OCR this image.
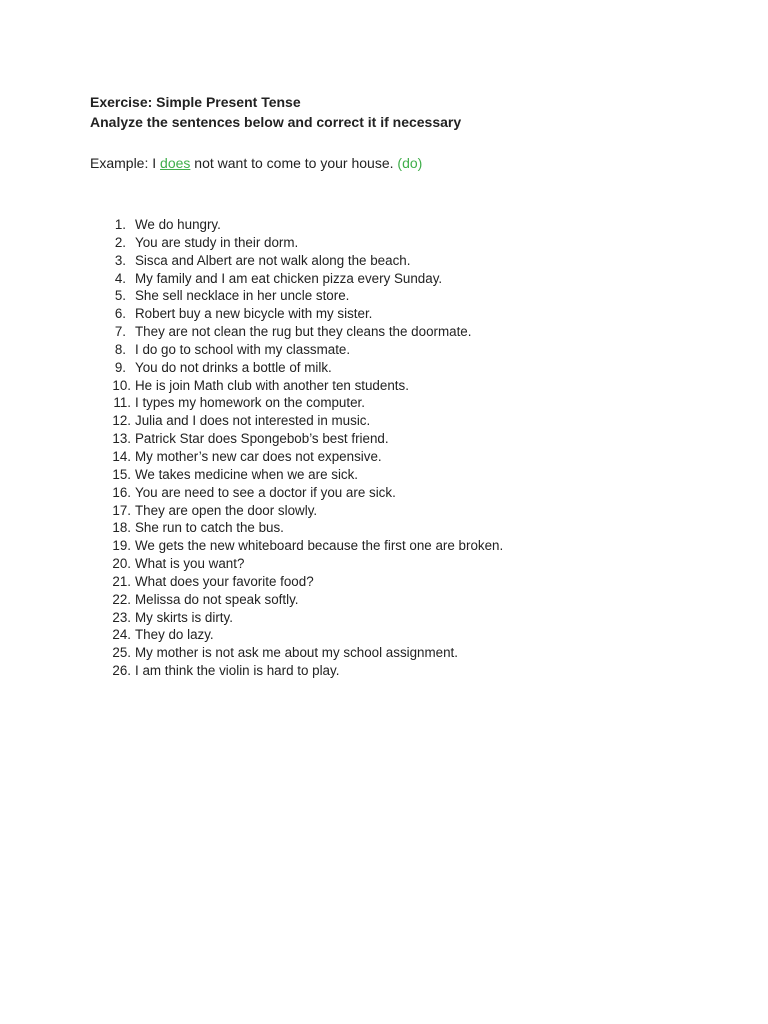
Exercise: Simple Present Tense
Analyze the sentences below and correct it if necessary
Example: I does not want to come to your house. (do)
1. We do hungry.
2. You are study in their dorm.
3. Sisca and Albert are not walk along the beach.
4. My family and I am eat chicken pizza every Sunday.
5. She sell necklace in her uncle store.
6. Robert buy a new bicycle with my sister.
7. They are not clean the rug but they cleans the doormate.
8. I do go to school with my classmate.
9. You do not drinks a bottle of milk.
10. He is join Math club with another ten students.
11. I types my homework on the computer.
12. Julia and I does not interested in music.
13. Patrick Star does Spongebob’s best friend.
14. My mother’s new car does not expensive.
15. We takes medicine when we are sick.
16. You are need to see a doctor if you are sick.
17. They are open the door slowly.
18. She run to catch the bus.
19. We gets the new whiteboard because the first one are broken.
20. What is you want?
21. What does your favorite food?
22. Melissa do not speak softly.
23. My skirts is dirty.
24. They do lazy.
25. My mother is not ask me about my school assignment.
26. I am think the violin is hard to play.
